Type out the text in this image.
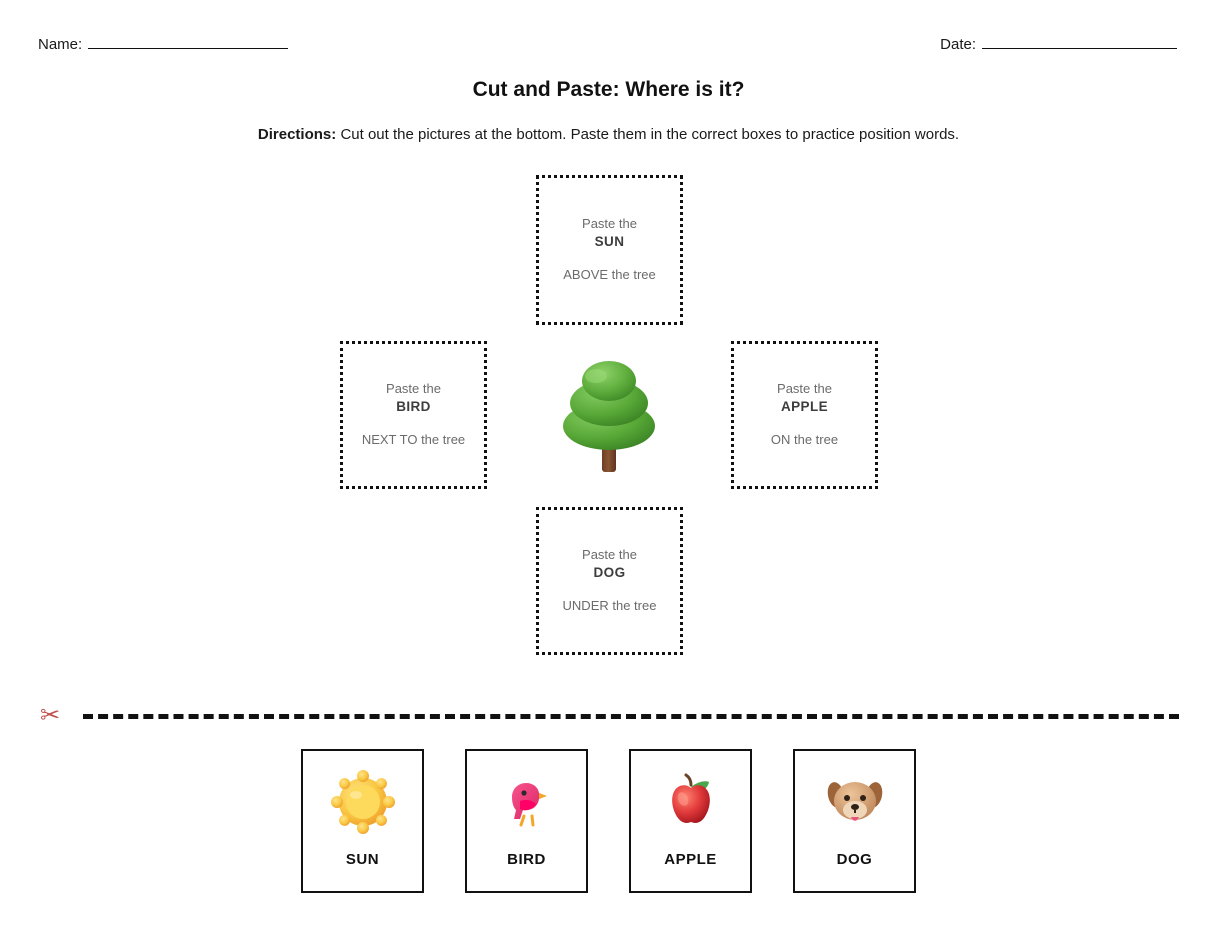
Name:	Date:
Cut and Paste: Where is it?
Directions: Cut out the pictures at the bottom. Paste them in the correct boxes to practice position words.
Paste the
SUN
ABOVE the tree
Paste the
BIRD
NEXT TO the tree
Paste the
APPLE
ON the tree
Paste the
DOG
UNDER the tree
✂
SUN	BIRD	APPLE	DOG
